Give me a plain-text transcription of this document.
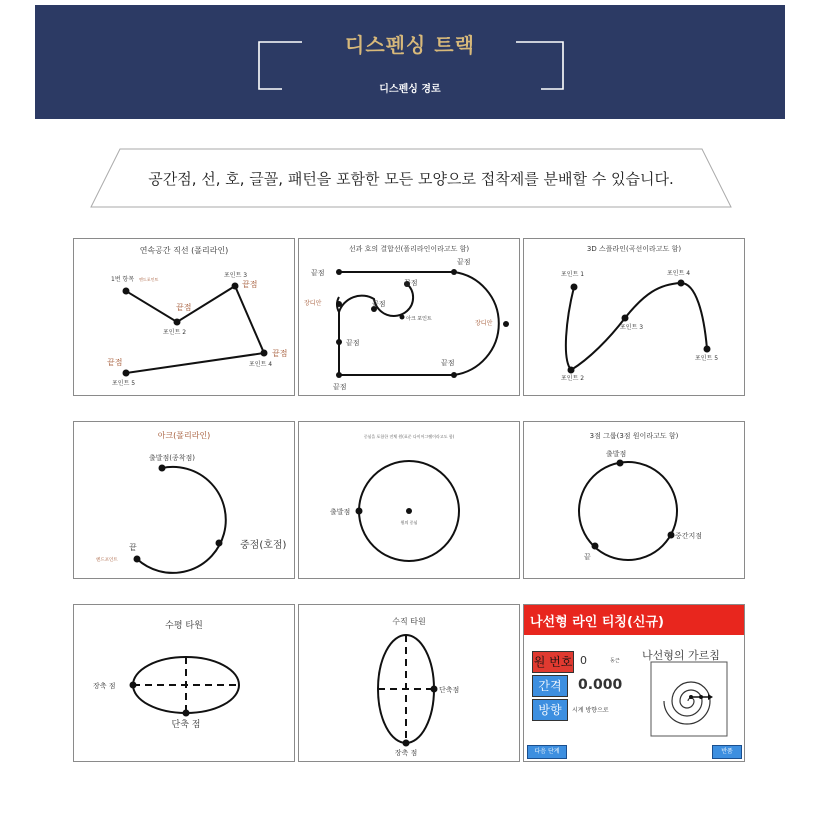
디스펜싱 트랙
디스펜싱 경로
공간점, 선, 호, 글꼴, 패턴을 포함한 모든 모양으로 접착제를 분배할 수 있습니다.
연속공간 직선 (폴리라인)
1번 항목 엔드포인트
끝점
포인트 2
포인트 3
끝점
끝점
포인트 4
끝점
포인트 5
선과 호의 결합선(폴리라인이라고도 함)
끝점
끝점
끝점
끝점
끝점
끝점
끝점
장디안
장디안
아크 포인트
3D 스플라인(곡선이라고도 함)
포인트 1
포인트 2
포인트 3
포인트 4
포인트 5
아크(폴리라인)
출발점(종착점)
중점(호점)
끝
엔드포인트
중심을 포함한 전체 원(표준 다이어그램이라고도 함)
출발점
원의 중심
3점 그룹(3점 원이라고도 함)
출발점
중간지점
끝
수평 타원
장축 점
단축 점
수직 타원
단축점
장축 점
나선형 라인 티칭(신규)
원 번호 0	동근
간격	0.000
방향	시계 방향으로
나선형의 가르침
다음 단계	반품
